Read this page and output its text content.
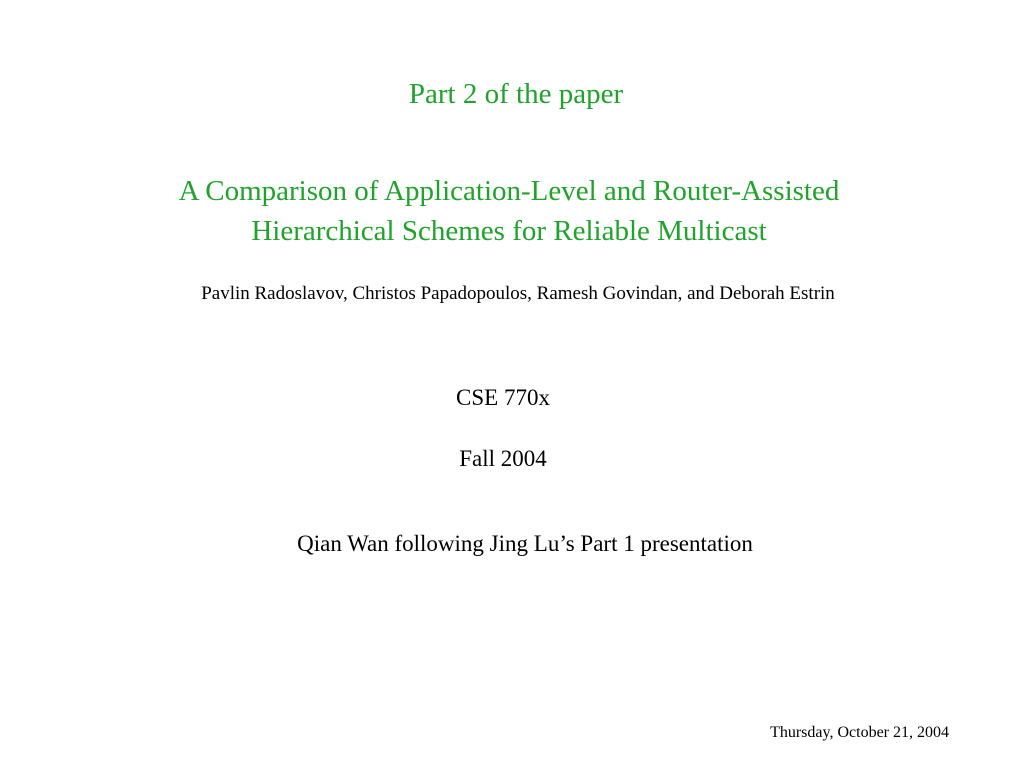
Part 2 of the paper
A Comparison of Application-Level and Router-Assisted
Hierarchical Schemes for Reliable Multicast
Pavlin Radoslavov, Christos Papadopoulos, Ramesh Govindan, and Deborah Estrin
CSE 770x
Fall 2004
Qian Wan following Jing Lu’s Part 1 presentation
Thursday, October 21, 2004
